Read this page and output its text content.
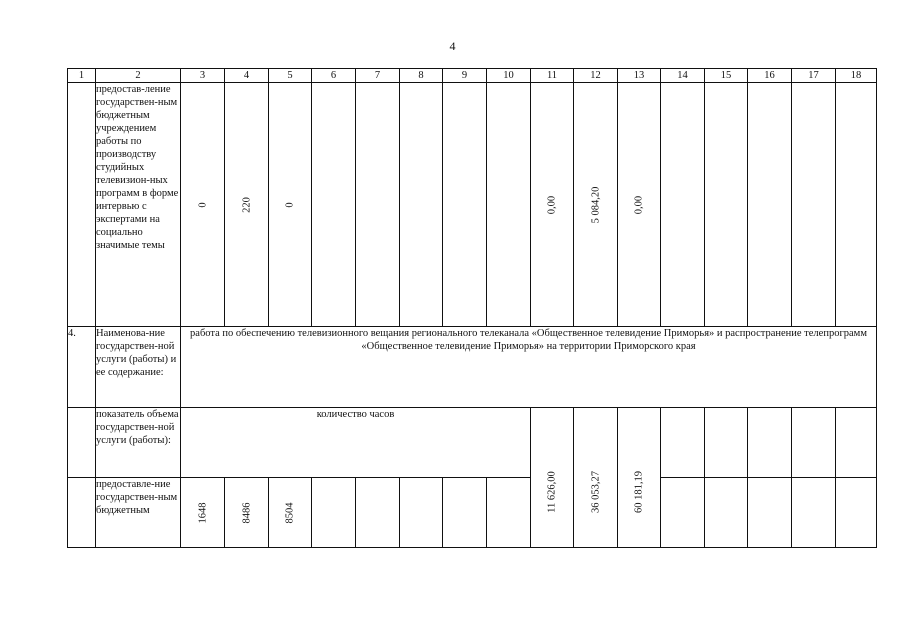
4
1	2	3	4	5	6	7	8	9	10	11	12	13	14	15	16	17	18
	предостав-ление государствен-ным бюджетным учреждением работы по производству студийных телевизион-ных программ в форме интервью с экспертами на социально значимые темы	0	220	0						0,00	5 084,20	0,00					

4.	Наименова-ние государствен-ной услуги (работы) и ее содержание:	работа по обеспечению телевизионного вещания регионального телеканала «Общественное телевидение Приморья» и распространение телепрограмм «Общественное телевидение Приморья» на территории Приморского края															
	показатель объема государствен-ной услуги (работы):	количество часов								11 626,00	36 053,27	60 181,19					

	предоставле-ние государствен-ным бюджетным	1648	8486	8504													
